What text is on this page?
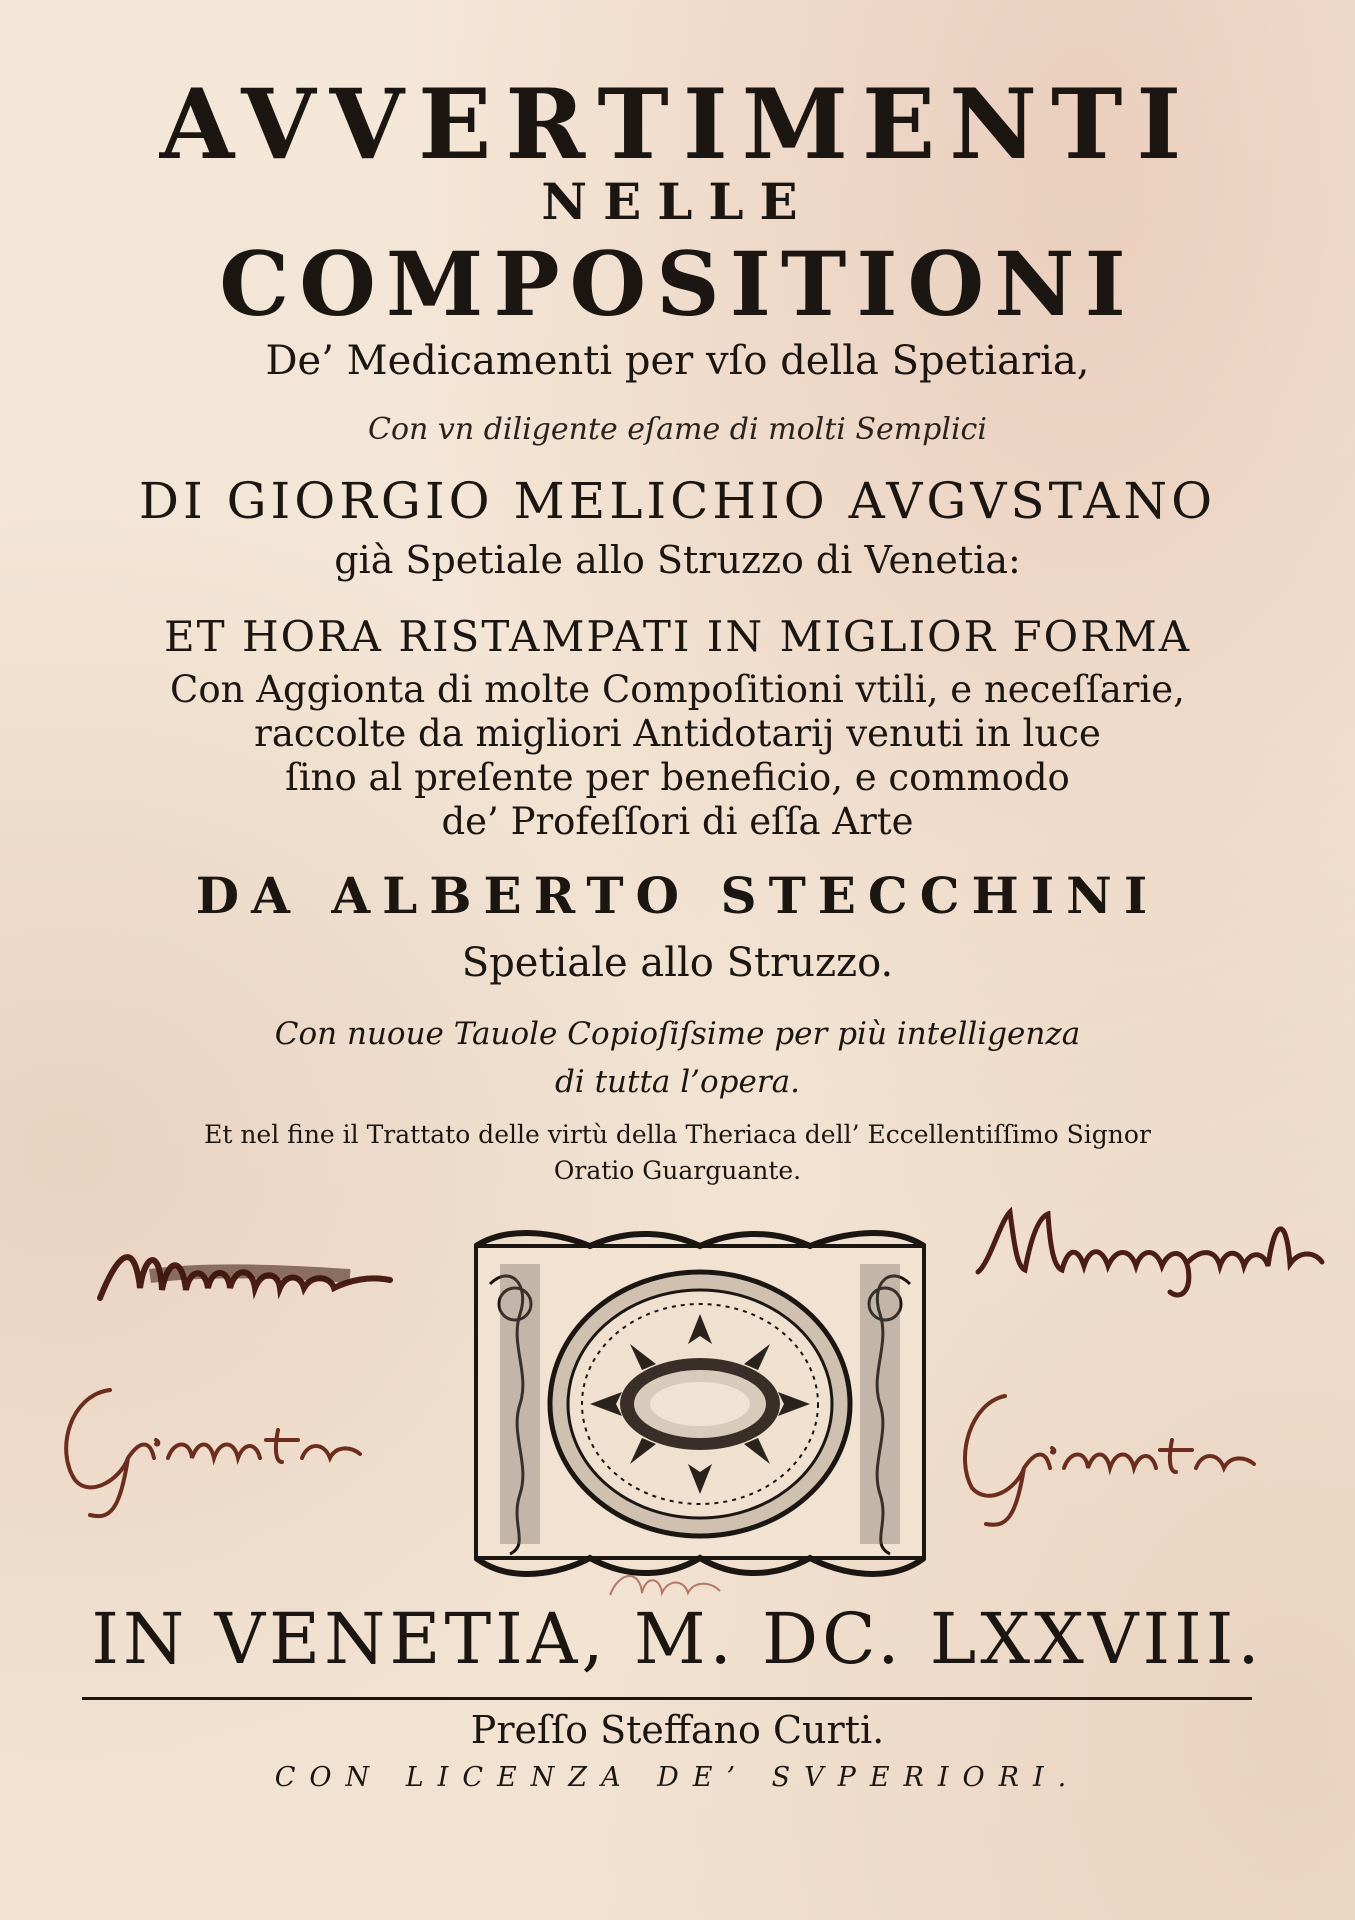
AVVERTIMENTI
NELLE
COMPOSITIONI
De’ Medicamenti per vſo della Spetiaria,
Con vn diligente eſame di molti Semplici
DI GIORGIO MELICHIO AVGVSTANO
già Spetiale allo Struzzo di Venetia:
ET HORA RISTAMPATI IN MIGLIOR FORMA
Con Aggionta di molte Compoſitioni vtili, e neceſſarie,
raccolte da migliori Antidotarij venuti in luce
ſino al preſente per beneficio, e commodo
de’ Profeſſori di eſſa Arte
DA ALBERTO STECCHINI
Spetiale allo Struzzo.
Con nuoue Tauole Copioſiſsime per più intelligenza
di tutta l’opera.
Et nel fine il Trattato delle virtù della Theriaca dell’ Eccellentiſſimo Signor
Oratio Guarguante.
IN VENETIA, M. DC. LXXVIII.
Preſſo Steffano Curti.
CON LICENZA DE’ SVPERIORI.
